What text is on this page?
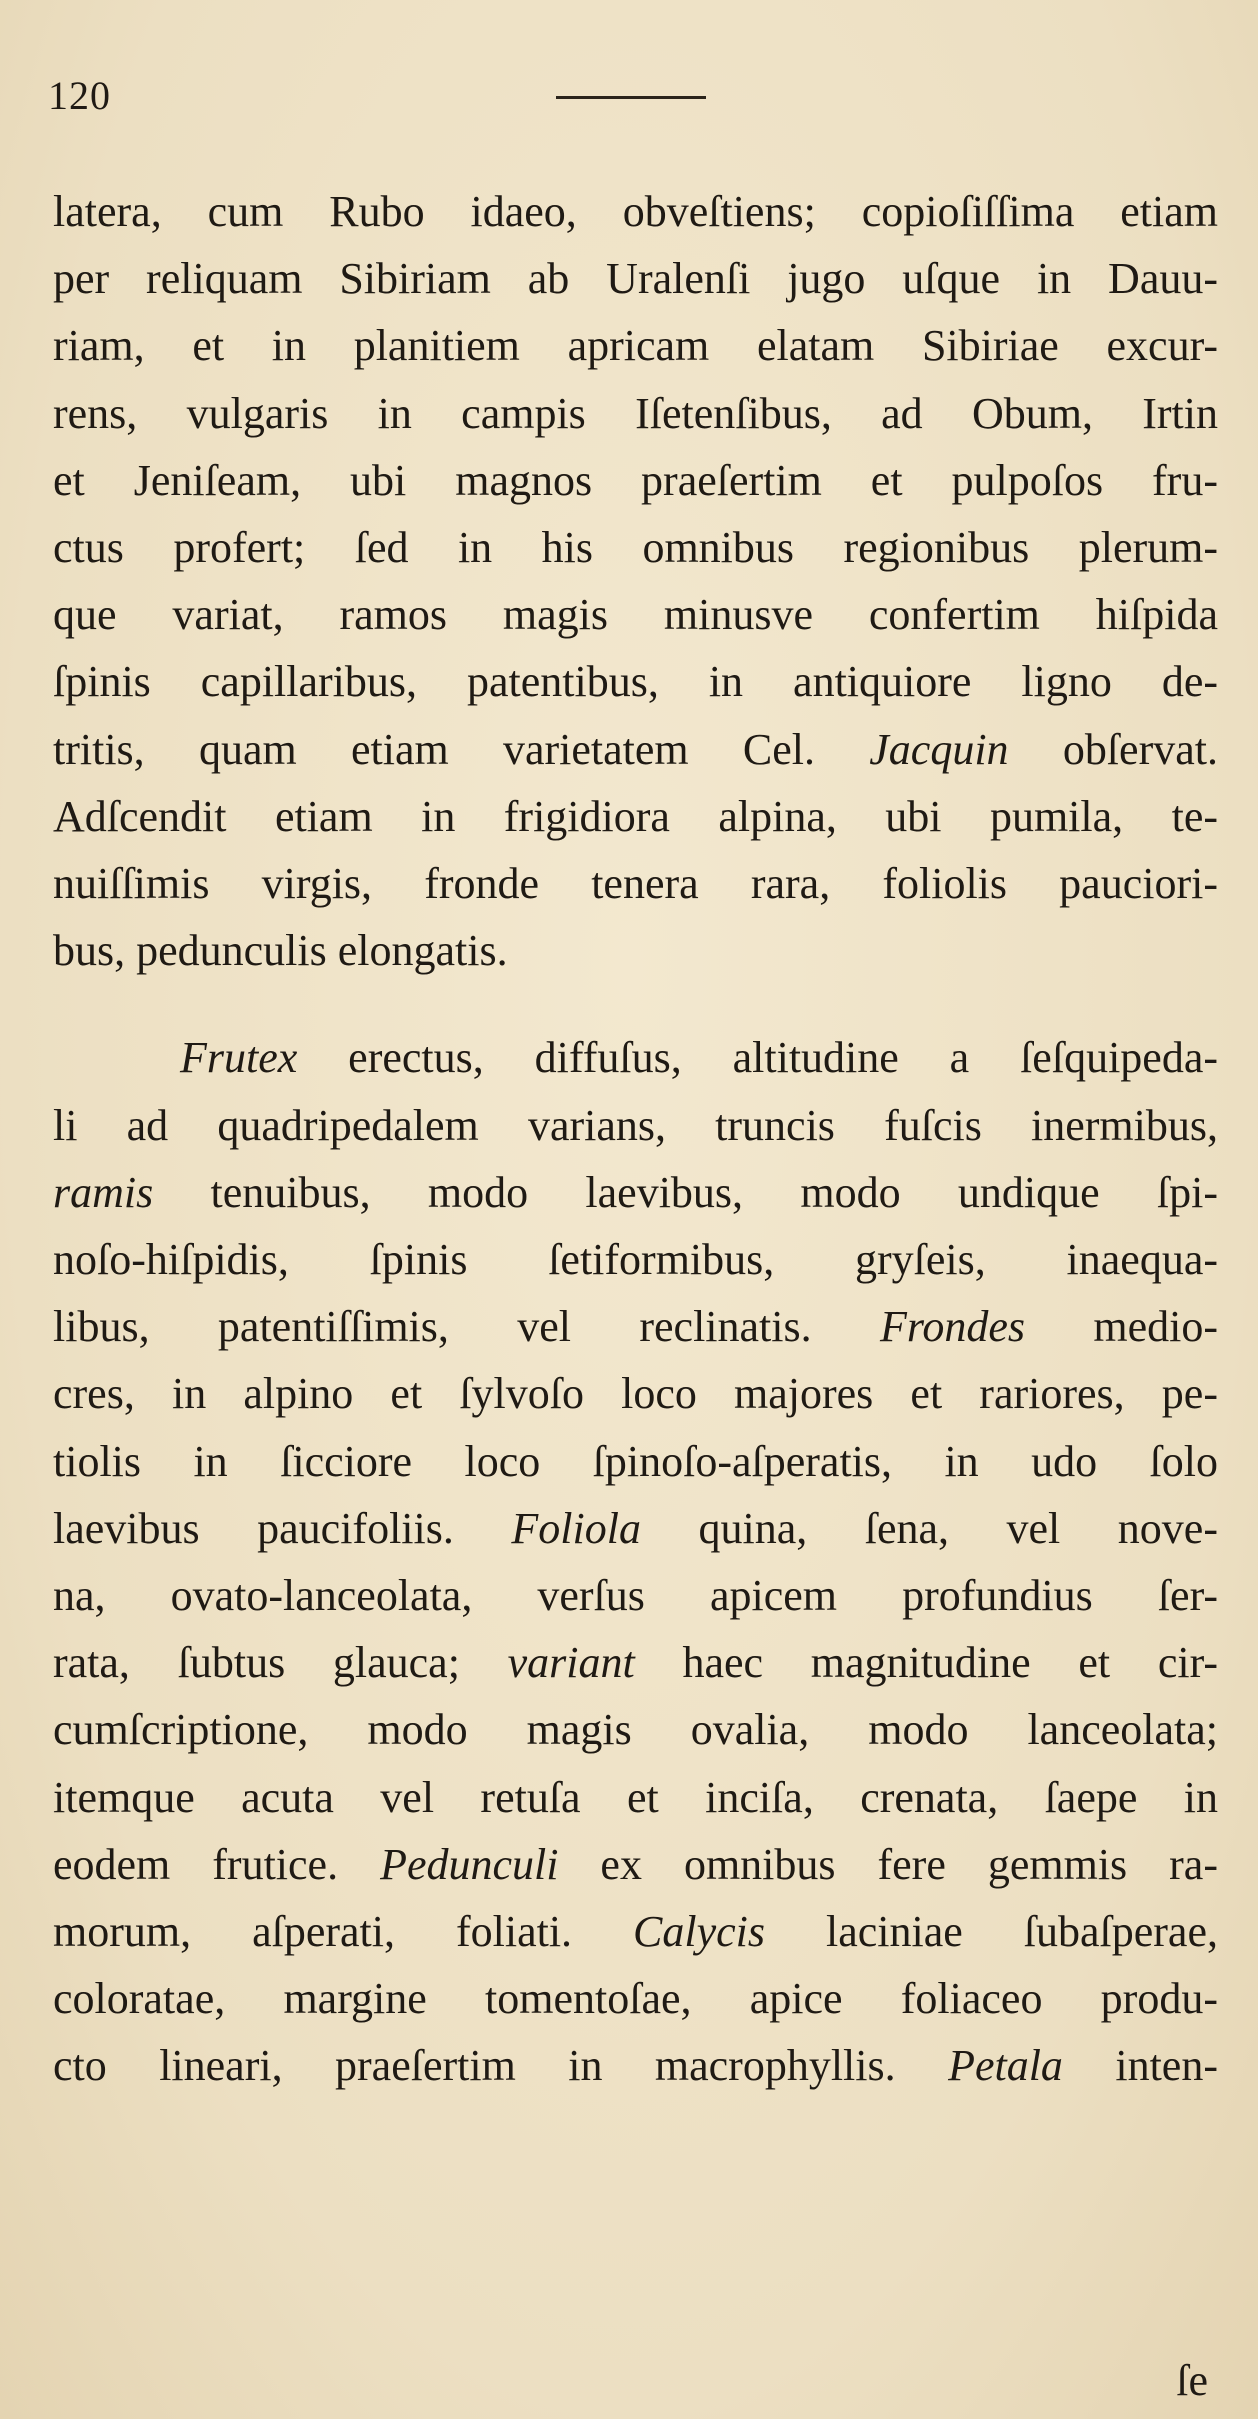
120
latera, cum Rubo idaeo, obveſtiens; copioſiſſima etiam
per reliquam Sibiriam ab Uralenſi jugo uſque in Dauu-
riam, et in planitiem apricam elatam Sibiriae excur-
rens, vulgaris in campis Iſetenſibus, ad Obum, Irtin
et Jeniſeam, ubi magnos praeſertim et pulpoſos fru-
ctus profert; ſed in his omnibus regionibus plerum-
que variat, ramos magis minusve confertim hiſpida
ſpinis capillaribus, patentibus, in antiquiore ligno de-
tritis, quam etiam varietatem Cel. Jacquin obſervat.
Adſcendit etiam in frigidiora alpina, ubi pumila, te-
nuiſſimis virgis, fronde tenera rara, foliolis pauciori-
bus, pedunculis elongatis.
Frutex erectus, diffuſus, altitudine a ſeſquipeda-
li ad quadripedalem varians, truncis fuſcis inermibus,
ramis tenuibus, modo laevibus, modo undique ſpi-
noſo-hiſpidis, ſpinis ſetiformibus, gryſeis, inaequa-
libus, patentiſſimis, vel reclinatis. Frondes medio-
cres, in alpino et ſylvoſo loco majores et rariores, pe-
tiolis in ſicciore loco ſpinoſo-aſperatis, in udo ſolo
laevibus paucifoliis. Foliola quina, ſena, vel nove-
na, ovato-lanceolata, verſus apicem profundius ſer-
rata, ſubtus glauca; variant haec magnitudine et cir-
cumſcriptione, modo magis ovalia, modo lanceolata;
itemque acuta vel retuſa et inciſa, crenata, ſaepe in
eodem frutice. Pedunculi ex omnibus fere gemmis ra-
morum, aſperati, foliati. Calycis laciniae ſubaſperae,
coloratae, margine tomentoſae, apice foliaceo produ-
cto lineari, praeſertim in macrophyllis. Petala inten-
ſe
